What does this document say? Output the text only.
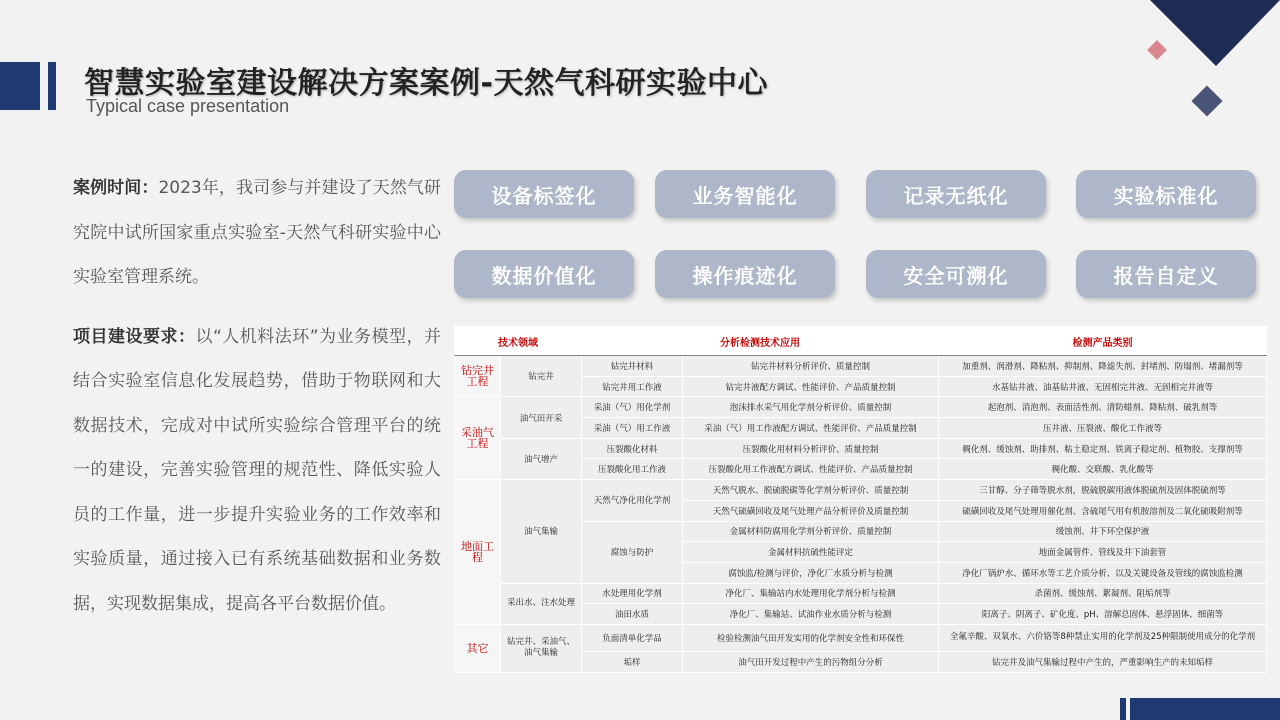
智慧实验室建设解决方案案例-天然气科研实验中心
Typical case presentation

案例时间：2023年，我司参与并建设了天然气研究院中试所国家重点实验室-天然气科研实验中心实验室管理系统。

项目建设要求：以“人机料法环”为业务模型，并结合实验室信息化发展趋势，借助于物联网和大数据技术，完成对中试所实验综合管理平台的统一的建设，完善实验管理的规范性、降低实验人员的工作量，进一步提升实验业务的工作效率和实验质量，通过接入已有系统基础数据和业务数据，实现数据集成，提高各平台数据价值。

设备标签化	业务智能化	记录无纸化	实验标准化
数据价值化	操作痕迹化	安全可溯化	报告自定义
技术领域		分析检测技术应用		检测产品类别
钻完井工程	钻完井	钻完井材料	钻完井材料分析评价、质量控制	加重剂、润滑剂、降粘剂、抑制剂、降滤失剂、封堵剂、防塌剂、堵漏剂等
		钻完井用工作液	钻完井液配方调试、性能评价、产品质量控制	水基钻井液、油基钻井液、无固相完井液、无固相完井液等
采油气工程	油气田开采	采油（气）用化学剂	泡沫排水采气用化学剂分析评价、质量控制	起泡剂、消泡剂、表面活性剂、清防蜡剂、降粘剂、破乳剂等
		采油（气）用工作液	采油（气）用工作液配方调试、性能评价、产品质量控制	压井液、压裂液、酸化工作液等
	油气增产	压裂酸化材料	压裂酸化用材料分析评价、质量控制	稠化剂、缓蚀剂、助排剂、粘土稳定剂、铁离子稳定剂、植物胶、支撑剂等
		压裂酸化用工作液	压裂酸化用工作液配方调试、性能评价、产品质量控制	稠化酸、交联酸、乳化酸等
地面工程	油气集输	天然气净化用化学剂	天然气脱水、脱硫脱碳等化学剂分析评价、质量控制	三甘醇、分子筛等脱水剂，脱硫脱碳用液体脱硫剂及固体脱硫剂等
			天然气硫磺回收及尾气处理产品分析评价及质量控制	硫磺回收及尾气处理用催化剂、含硫尾气用有机胺溶剂及二氧化硫吸附剂等
		腐蚀与防护	金属材料防腐用化学剂分析评价、质量控制	缓蚀剂、井下环空保护液
			金属材料抗硫性能评定	地面金属管件、管线及井下油套管
			腐蚀监/检测与评价，净化厂水质分析与检测	净化厂锅炉水、循环水等工艺介质分析、以及关键设备及管线的腐蚀监检测
	采出水、注水处理	水处理用化学剂	净化厂、集输站内水处理用化学剂分析与检测	杀菌剂、缓蚀剂、絮凝剂、阻垢剂等
		油田水质	净化厂、集输站、试油作业水质分析与检测	阳离子、阴离子、矿化度、pH、溶解总固体、悬浮固体、细菌等
其它	钻完井、采油气、油气集输	负面清单化学品	检验检测油气田开发实用的化学剂安全性和环保性	全氟辛酸、双氧水、六价铬等8种禁止实用的化学剂及25种限制使用成分的化学剂
		垢样	油气田开发过程中产生的污物组分分析	钻完井及油气集输过程中产生的，严重影响生产的未知垢样
